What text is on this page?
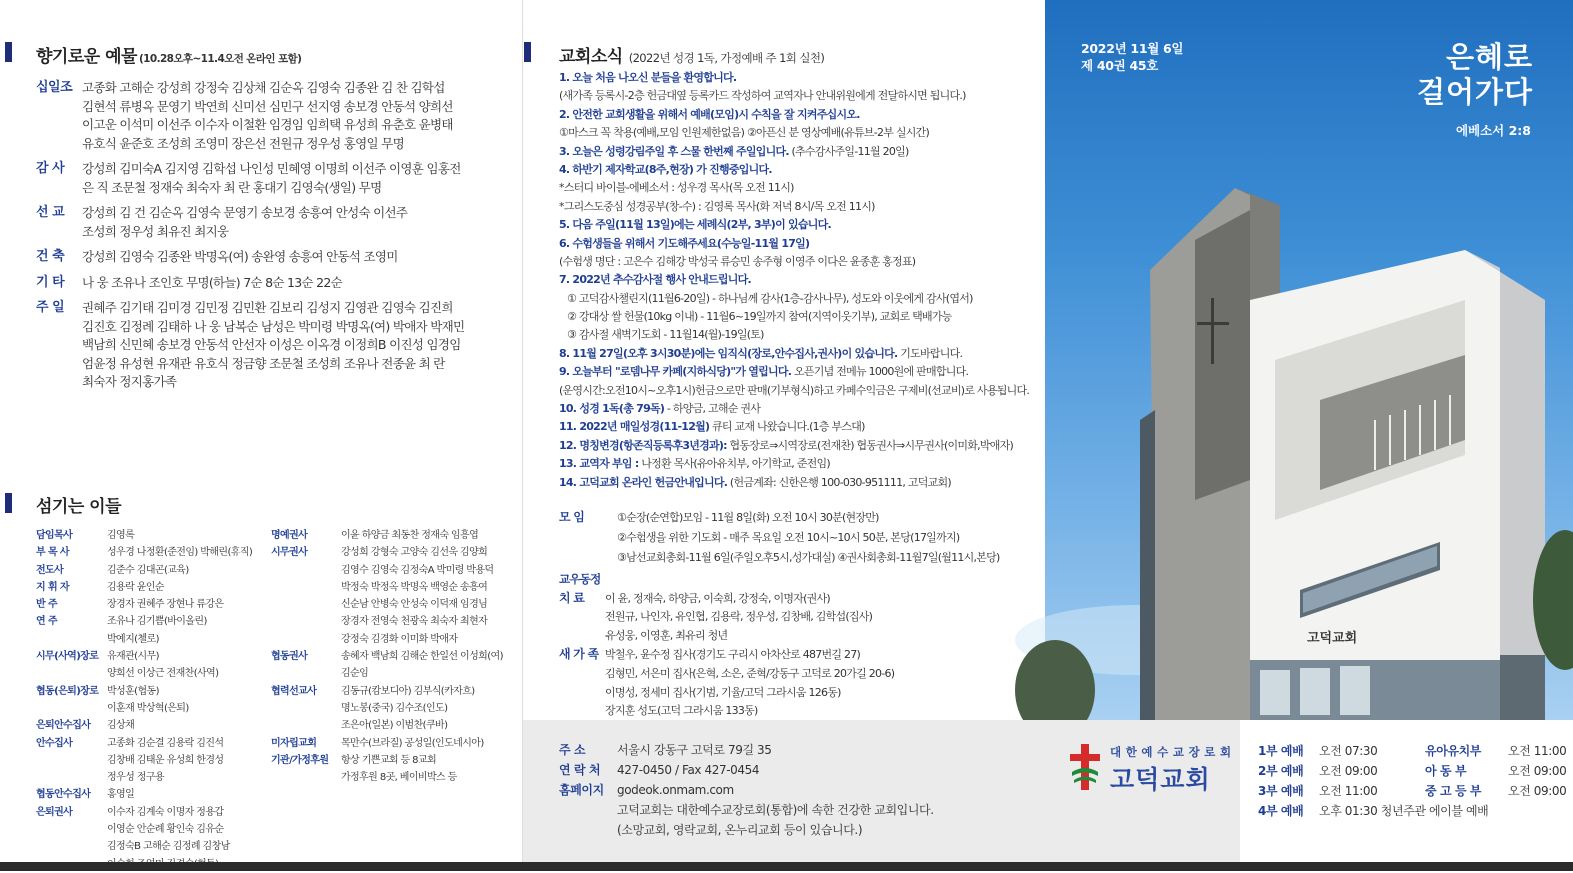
향기로운 예물 (10.28오후~11.4오전 온라인 포함)
십일조 고종화 고해순 강성희 강정숙 김상채 김순옥 김영숙 김종완 김 찬 김학섭
김현석 류병옥 문영기 박연희 신미선 심민구 선지영 송보경 안동석 양희선
이고운 이석미 이선주 이수자 이철환 임경임 임희택 유성희 유춘호 윤병태
유호식 윤준호 조성희 조영미 장은선 전원규 정우성 홍영일 무명
감 사	강성희 김미숙A 김지영 김학섭 나인성 민혜영 이명희 이선주 이영훈 임홍전
은 직 조문철 정재숙 최숙자 최 란 홍대기 김영숙(생일) 무명
선 교	강성희 김 건 김순옥 김영숙 문영기 송보경 송흥여 안성숙 이선주
조성희 정우성 최유진 최지웅
건 축	강성희 김영숙 김종완 박명옥(여) 송완영 송흥여 안동석 조영미
기 타	나 웅 조유나 조인호 무명(하늘) 7순 8순 13순 22순
주 일	권혜주 김기태 김미경 김민정 김민환 김보리 김성지 김영관 김영숙 김진희
김진호 김정례 김태하 나 웅 남복순 남성은 박미령 박명옥(여) 박애자 박재민
백남희 신민혜 송보경 안동석 안선자 이성은 이옥경 이정희B 이진성 임경임
엄윤정 유성현 유재관 유호식 정금향 조문철 조성희 조유나 전종윤 최 란
최숙자 정지홍가족
섬기는 이들
담임목사	김영록
부 목 사	성우경 나정환(준전임) 박해린(휴직)
전도사	김준수 김대곤(교육)
지 휘 자	김용락 윤인순
반 주	장경자 권혜주 장현나 류강은
연 주	조유나 김기쁨(바이올린)
박예지(첼로)
시무(사역)장로 유재관(시무)
양희선 이상근 전재찬(사역)
협동(은퇴)장로 박성훈(협동)
이훈재 박상혁(은퇴)
은퇴안수집사	김상채
안수집사	고종화 김순결 김용락 김진석
김창배 김태운 유성희 한경성
정우성 정구용
협동안수집사	홍영일
은퇴권사	이수자 김계숙 이명자 정용갑
이영순 안순례 황인숙 김유순
김정숙B 고해순 김정례 김창남
명예권사	이윤 하양금 최동찬 정재숙 임흥엽
시무권사	강성희 강형숙 고양숙 김선욱 김양희
김영수 김영숙 김정숙A 박미령 박용덕
박정숙 박정옥 박명옥 백영순 송흥여
신순남 안병숙 안성숙 이덕재 임경님
장경자 전영숙 천광옥 최숙자 최현자
강정숙 김경화 이미화 박애자
협동권사	송혜자 백남희 김해순 한일선 이성희(여)
김순임
협력선교사	김동규(캄보디아) 김부식(카자흐)
명노봉(중국) 김수조(인도)
조은아(일본) 이범찬(쿠바)
미자립교회	목만수(브라질) 공성일(인도네시아)
기관/가정후원	항상 기쁜교회 등 8교회
가정후원 8곳, 베이비박스 등
교회소식 (2022년 성경 1독, 가정예배 주 1회 실천)
1. 오늘 처음 나오신 분들을 환영합니다.
(새가족 등록시-2층 헌금대옆 등록카드 작성하여 교역자나 안내위원에게 전달하시면 됩니다.)
2. 안전한 교회생활을 위해서 예배(모임)시 수칙을 잘 지켜주십시오.
①마스크 꼭 착용(예배,모임 인원제한없음) ②아픈신 분 영상예배(유튜브-2부 실시간)
3. 오늘은 성령강림주일 후 스물 한번째 주일입니다. (추수감사주일-11월 20일)
4. 하반기 제자학교(8주,현장) 가 진행중입니다.
*스터디 바이블-에베소서 : 성우경 목사(목 오전 11시)
*그리스도중심 성경공부(창-수) : 김영록 목사(화 저녁 8시/목 오전 11시)
5. 다음 주일(11월 13일)에는 세례식(2부, 3부)이 있습니다.
6. 수험생들을 위해서 기도해주세요(수능일-11월 17일)
(수험생 명단 : 고은수 김해강 박성국 류승민 송주형 이영주 이다은 윤종훈 홍정표)
7. 2022년 추수감사절 행사 안내드립니다.
① 고덕감사챌린지(11월6-20일) - 하나님께 감사(1층-감사나무), 성도와 이웃에게 감사(엽서)
② 강대상 쌀 헌물(10kg 이내) - 11월6~19일까지 참여(지역이웃기부), 교회로 택배가능
③ 감사절 새벽기도회 - 11월14(월)-19일(토)
8. 11월 27일(오후 3시30분)에는 임직식(장로,안수집사,권사)이 있습니다. 기도바랍니다.
9. 오늘부터 "로뎀나무 카페(지하식당)"가 열립니다. 오픈기념 전메뉴 1000원에 판매합니다.
(운영시간:오전10시~오후1시)헌금으로만 판매(기부형식)하고 카페수익금은 구제비(선교비)로 사용됩니다.
10. 성경 1독(총 79독) - 하양금, 고해순 권사
11. 2022년 매일성경(11-12월) 큐티 교재 나왔습니다.(1층 부스대)
12. 명칭변경(항존직등록후3년경과): 협동장로⇒시역장로(전재찬) 협동권사⇒시무권사(이미화,박애자)
13. 교역자 부임 : 나정환 목사(유아유치부, 아기학교, 준전임)
14. 고덕교회 온라인 헌금안내입니다. (헌금계좌: 신한은행 100-030-951111, 고덕교회)
모 임	①순장(순연합)모임 - 11월 8일(화) 오전 10시 30분(현장만)
②수험생을 위한 기도회 - 매주 목요일 오전 10시~10시 50분, 본당(17일까지)
③남선교회총회-11월 6일(주일오후5시,성가대실) ④권사회총회-11월7일(월11시,본당)
교우동정
치 료 이 윤, 정재숙, 하양금, 이숙희, 강정숙, 이명자(권사)
전원규, 나인자, 유인협, 김용락, 정우성, 김창배, 김학섭(집사)
유성웅, 이영훈, 최유리 청년
새 가 족 박철우, 윤수정 집사(경기도 구리시 아차산로 487번길 27)
김형민, 서은미 집사(은혁, 소은, 준혁/강동구 고덕로 20가길 20-6)
이명성, 정세미 집사(기범, 기율/고덕 그라시움 126동)
장지훈 성도(고덕 그라시움 133동)
고덕교회
2022년 11월 6일
제 40권 45호	은혜로
걸어가다
에베소서 2:8
주 소	서울시 강동구 고덕로 79길 35
연 락 처	427-0450 / Fax 427-0454
홈페이지	godeok.onmam.com
고덕교회는 대한예수교장로회(통합)에 속한 건강한 교회입니다.
(소망교회, 영락교회, 온누리교회 등이 있습니다.)
대 한 예 수 교 장 로 회
고덕교회
1부 예배	오전 07:30	유아유치부	오전 11:00
2부 예배	오전 09:00	아 동 부	오전 09:00
3부 예배	오전 11:00	중 고 등 부	오전 09:00
4부 예배	오후 01:30 청년주관 에이블 예배
